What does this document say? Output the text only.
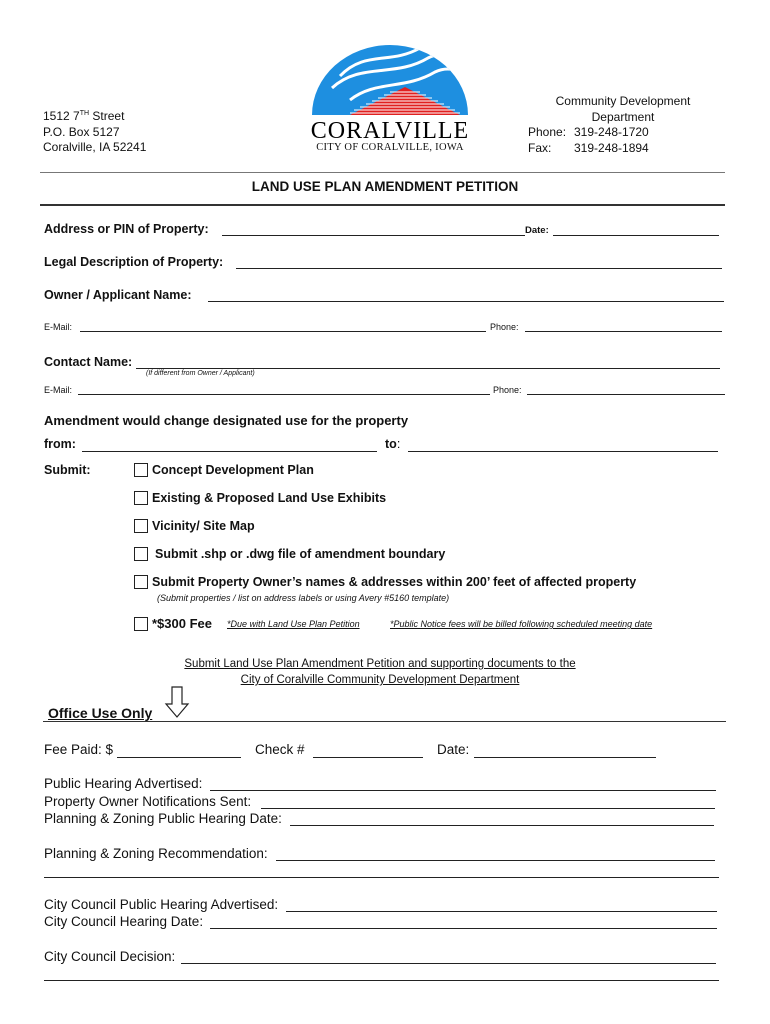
1512 7TH Street
P.O. Box 5127
Coralville, IA 52241
CORALVILLE
CITY OF CORALVILLE, IOWA
Community Development
Department
Phone: 319-248-1720
Fax:	319-248-1894
LAND USE PLAN AMENDMENT PETITION
Address or PIN of Property:	Date:
Legal Description of Property:
Owner / Applicant Name:
E-Mail:	Phone:
Contact Name:
(If different from Owner / Applicant)
E-Mail:	Phone:
Amendment would change designated use for the property
from:	to:
Submit:	Concept Development Plan
Existing & Proposed Land Use Exhibits
Vicinity/ Site Map
Submit .shp or .dwg file of amendment boundary
Submit Property Owner’s names & addresses within 200’ feet of affected property
(Submit properties / list on address labels or using Avery #5160 template)
*$300 Fee *Due with Land Use Plan Petition	*Public Notice fees will be billed following scheduled meeting date
Submit Land Use Plan Amendment Petition and supporting documents to the
City of Coralville Community Development Department
Office Use Only
Fee Paid: $	Check #	Date:
Public Hearing Advertised:
Property Owner Notifications Sent:
Planning & Zoning Public Hearing Date:
Planning & Zoning Recommendation:
City Council Public Hearing Advertised:
City Council Hearing Date:
City Council Decision:
